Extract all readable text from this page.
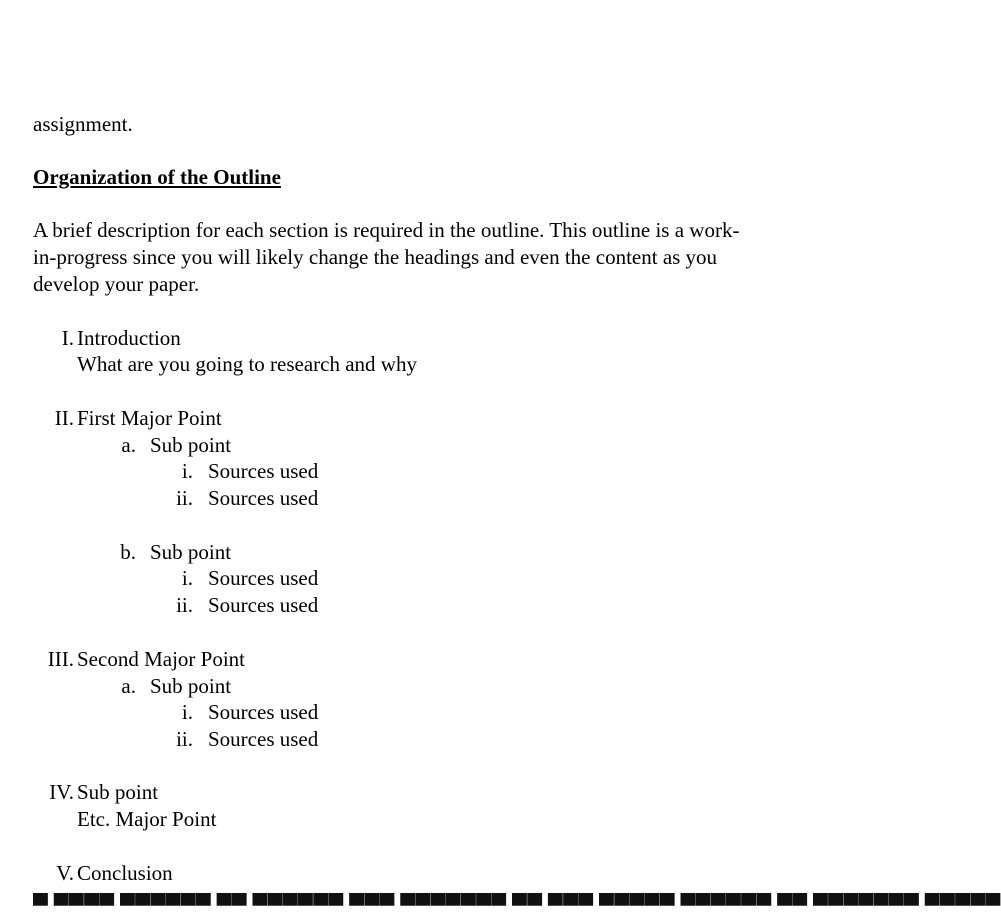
assignment.
Organization of the Outline
A brief description for each section is required in the outline. This outline is a work-
in-progress since you will likely change the headings and even the content as you
develop your paper.
I. Introduction
What are you going to research and why
II. First Major Point
a. Sub point
i. Sources used
ii. Sources used
b. Sub point
i. Sources used
ii. Sources used
III. Second Major Point
a. Sub point
i. Sources used
ii. Sources used
IV. Sub point
Etc. Major Point
V. Conclusion
▀ ▀▀▀▀ ▀▀▀▀▀▀ ▀▀ ▀▀▀▀▀▀ ▀▀▀ ▀▀▀▀▀▀▀ ▀▀ ▀▀▀ ▀▀▀▀▀ ▀▀▀▀▀▀ ▀▀ ▀▀▀▀▀▀▀ ▀▀▀▀▀
